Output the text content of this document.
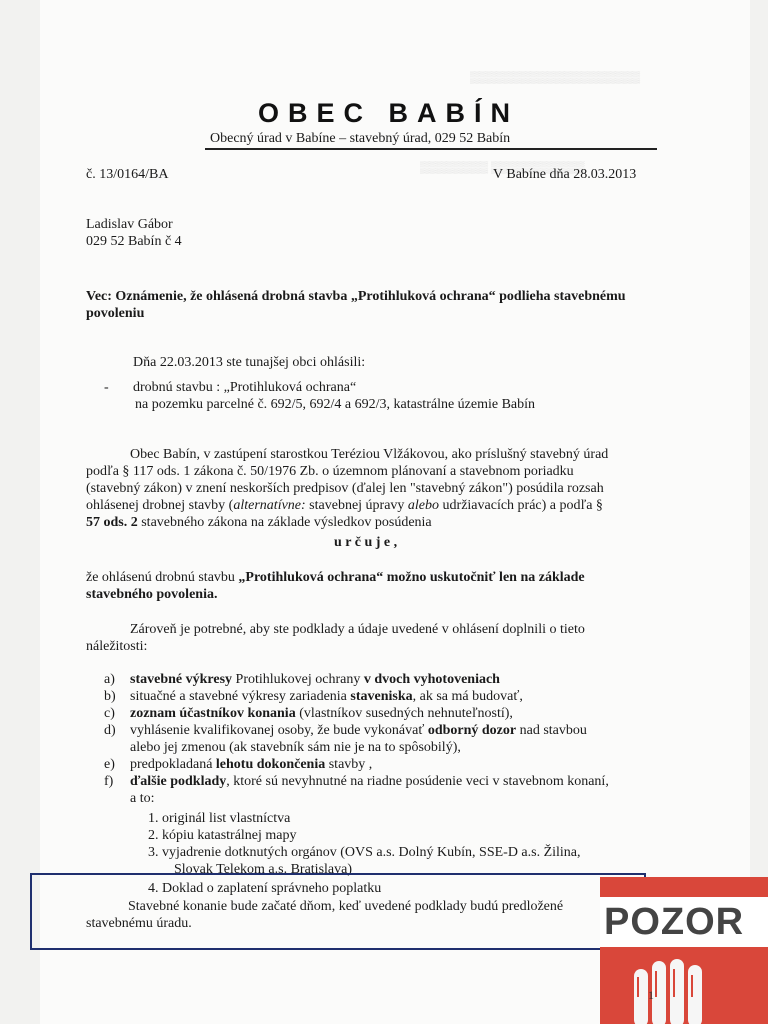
▒▒▒▒▒▒▒▒▒▒▒▒▒▒▒▒▒▒▒▒
▒▒▒▒▒▒▒▒ ▒▒▒▒▒▒▒▒▒▒▒
OBEC BABÍN
Obecný úrad v Babíne – stavebný úrad, 029 52 Babín
č. 13/0164/BA	V Babíne dňa 28.03.2013
Ladislav Gábor
029 52 Babín č 4
Vec: Oznámenie, že ohlásená drobná stavba „Protihluková ochrana“ podlieha stavebnému
povoleniu
Dňa 22.03.2013 ste tunajšej obci ohlásili:
- drobnú stavbu : „Protihluková ochrana“
na pozemku parcelné č. 692/5, 692/4 a 692/3, katastrálne územie Babín
Obec Babín, v zastúpení starostkou Teréziou Vlžákovou, ako príslušný stavebný úrad
podľa § 117 ods. 1 zákona č. 50/1976 Zb. o územnom plánovaní a stavebnom poriadku
(stavebný zákon) v znení neskorších predpisov (ďalej len "stavebný zákon") posúdila rozsah
ohlásenej drobnej stavby (alternatívne: stavebnej úpravy alebo udržiavacích prác) a podľa §
57 ods. 2 stavebného zákona na základe výsledkov posúdenia
u r č u j e ,
že ohlásenú drobnú stavbu „Protihluková ochrana“ možno uskutočniť len na základe
stavebného povolenia.
Zároveň je potrebné, aby ste podklady a údaje uvedené v ohlásení doplnili o tieto
náležitosti:
a) stavebné výkresy Protihlukovej ochrany v dvoch vyhotoveniach
b) situačné a stavebné výkresy zariadenia staveniska, ak sa má budovať,
c) zoznam účastníkov konania (vlastníkov susedných nehnuteľností),
d) vyhlásenie kvalifikovanej osoby, že bude vykonávať odborný dozor nad stavbou
alebo jej zmenou (ak stavebník sám nie je na to spôsobilý),
e) predpokladaná lehotu dokončenia stavby ,
f) ďalšie podklady, ktoré sú nevyhnutné na riadne posúdenie veci v stavebnom konaní,
a to:
1. originál list vlastníctva
2. kópiu katastrálnej mapy
3. vyjadrenie dotknutých orgánov (OVS a.s. Dolný Kubín, SSE-D a.s. Žilina,
Slovak Telekom a.s. Bratislava)
4. Doklad o zaplatení správneho poplatku
Stavebné konanie bude začaté dňom, keď uvedené podklady budú predložené
stavebnému úradu.	POZOR
1
